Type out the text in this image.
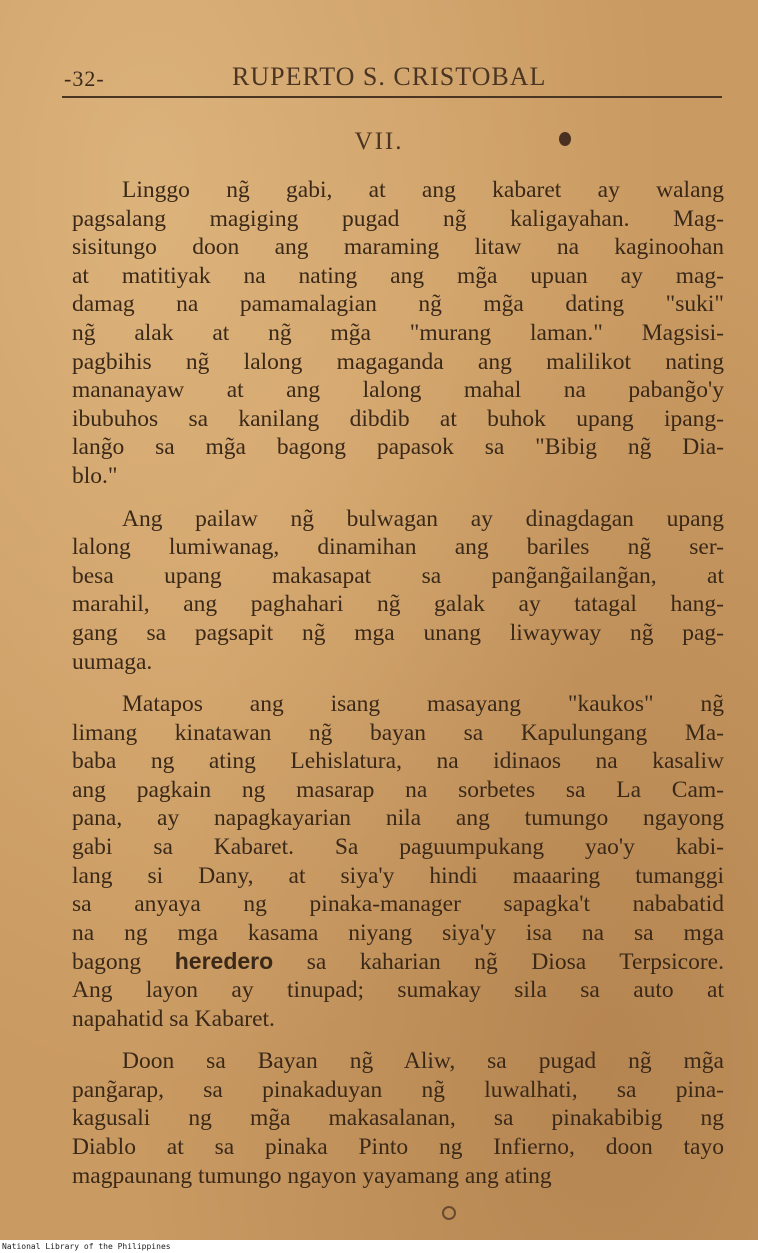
-32-	RUPERTO S. CRISTOBAL
VII.
Linggo ng̃ gabi, at ang kabaret ay walang
pagsalang magiging pugad ng̃ kaligayahan. Mag-
sisitungo doon ang maraming litaw na kaginoohan
at matitiyak na nating ang mg̃a upuan ay mag-
damag na pamamalagian ng̃ mg̃a dating "suki"
ng̃ alak at ng̃ mg̃a "murang laman." Magsisi-
pagbihis ng̃ lalong magaganda ang malilikot nating
mananayaw at ang lalong mahal na pabang̃o'y
ibubuhos sa kanilang dibdib at buhok upang ipang-
lang̃o sa mg̃a bagong papasok sa "Bibig ng̃ Dia-
blo."
Ang pailaw ng̃ bulwagan ay dinagdagan upang
lalong lumiwanag, dinamihan ang bariles ng̃ ser-
besa upang makasapat sa pang̃ang̃ailang̃an, at
marahil, ang paghahari ng̃ galak ay tatagal hang-
gang sa pagsapit ng̃ mga unang liwayway ng̃ pag-
uumaga.
Matapos ang isang masayang "kaukos" ng̃
limang kinatawan ng̃ bayan sa Kapulungang Ma-
baba ng ating Lehislatura, na idinaos na kasaliw
ang pagkain ng masarap na sorbetes sa La Cam-
pana, ay napagkayarian nila ang tumungo ngayong
gabi sa Kabaret. Sa paguumpukang yao'y kabi-
lang si Dany, at siya'y hindi maaaring tumanggi
sa anyaya ng pinaka-manager sapagka't nababatid
na ng mga kasama niyang siya'y isa na sa mga
bagong heredero sa kaharian ng̃ Diosa Terpsicore.
Ang layon ay tinupad; sumakay sila sa auto at
napahatid sa Kabaret.
Doon sa Bayan ng̃ Aliw, sa pugad ng̃ mg̃a
pang̃arap, sa pinakaduyan ng̃ luwalhati, sa pina-
kagusali ng mg̃a makasalanan, sa pinakabibig ng
Diablo at sa pinaka Pinto ng Infierno, doon tayo
magpaunang tumungo ngayon yayamang ang ating
National Library of the Philippines
